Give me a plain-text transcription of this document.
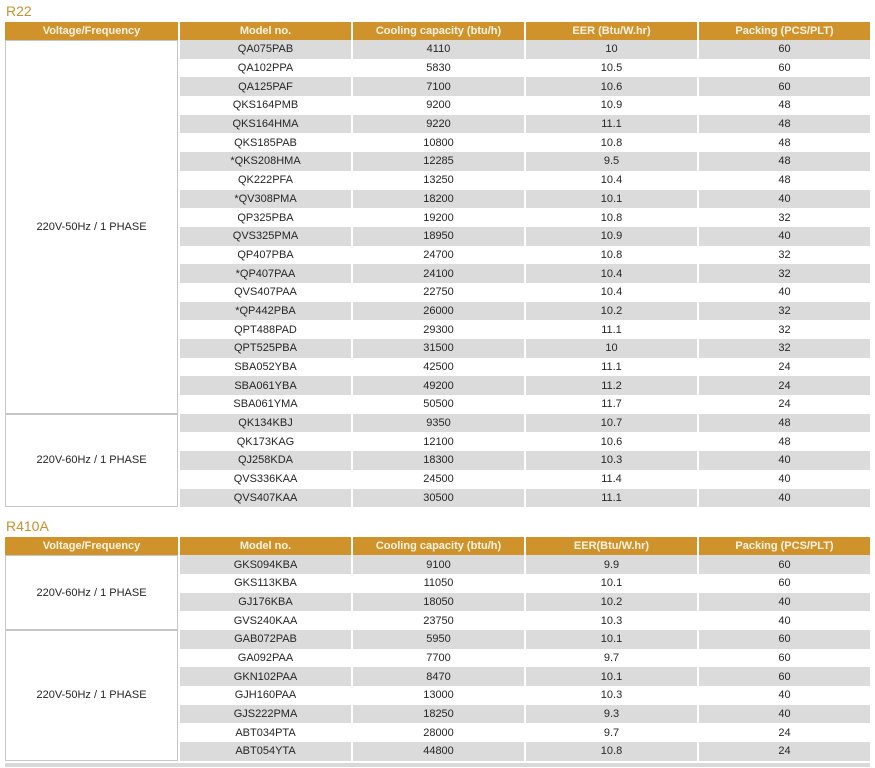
R22
Voltage/Frequency	Model no.	Cooling capacity (btu/h)	EER (Btu/W.hr)	Packing (PCS/PLT)
220V-50Hz / 1 PHASE	QA075PAB	4110	10	60
	QA102PPA	5830	10.5	60
	QA125PAF	7100	10.6	60
	QKS164PMB	9200	10.9	48
	QKS164HMA	9220	11.1	48
	QKS185PAB	10800	10.8	48
	*QKS208HMA	12285	9.5	48
	QK222PFA	13250	10.4	48
	*QV308PMA	18200	10.1	40
	QP325PBA	19200	10.8	32
	QVS325PMA	18950	10.9	40
	QP407PBA	24700	10.8	32
	*QP407PAA	24100	10.4	32
	QVS407PAA	22750	10.4	40
	*QP442PBA	26000	10.2	32
	QPT488PAD	29300	11.1	32
	QPT525PBA	31500	10	32
	SBA052YBA	42500	11.1	24
	SBA061YBA	49200	11.2	24
	SBA061YMA	50500	11.7	24
220V-60Hz / 1 PHASE	QK134KBJ	9350	10.7	48
	QK173KAG	12100	10.6	48
	QJ258KDA	18300	10.3	40
	QVS336KAA	24500	11.4	40
	QVS407KAA	30500	11.1	40
R410A
Voltage/Frequency	Model no.	Cooling capacity (btu/h)	EER(Btu/W.hr)	Packing (PCS/PLT)
220V-60Hz / 1 PHASE	GKS094KBA	9100	9.9	60
	GKS113KBA	11050	10.1	60
	GJ176KBA	18050	10.2	40
	GVS240KAA	23750	10.3	40
220V-50Hz / 1 PHASE	GAB072PAB	5950	10.1	60
	GA092PAA	7700	9.7	60
	GKN102PAA	8470	10.1	60
	GJH160PAA	13000	10.3	40
	GJS222PMA	18250	9.3	40
	ABT034PTA	28000	9.7	24
	ABT054YTA	44800	10.8	24
